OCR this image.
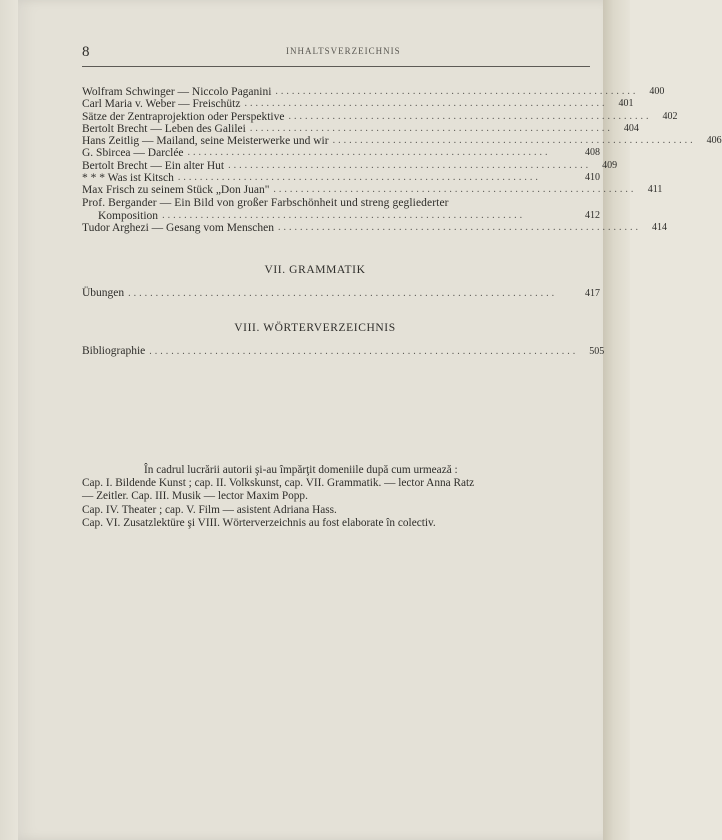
8	INHALTSVERZEICHNIS
Wolfram Schwinger — Niccolo Paganini ..................................................................	400
Carl Maria v. Weber — Freischütz ..................................................................	401
Sätze der Zentraprojektion oder Perspektive ..................................................................	402
Bertolt Brecht — Leben des Galilei ..................................................................	404
Hans Zeitlig — Mailand, seine Meisterwerke und wir ..................................................................	406
G. Sbircea — Darclée ..................................................................	408
Bertolt Brecht — Ein alter Hut ..................................................................	409
* * * Was ist Kitsch ..................................................................	410
Max Frisch zu seinem Stück „Don Juan" ..................................................................	411
Prof. Bergander — Ein Bild von großer Farbschönheit und streng gegliederter
Komposition ..................................................................	412
Tudor Arghezi — Gesang vom Menschen ..................................................................	414
VII. GRAMMATIK
Übungen ..............................................................................	417
VIII. WÖRTERVERZEICHNIS
Bibliographie ..............................................................................	505
În cadrul lucrării autorii şi-au împărţit domeniile după cum urmează :
Cap. I. Bildende Kunst ; cap. II. Volkskunst, cap. VII. Grammatik. — lector Anna Ratz
— Zeitler. Cap. III. Musik — lector Maxim Popp.
Cap. IV. Theater ; cap. V. Film — asistent Adriana Hass.
Cap. VI. Zusatzlektüre şi VIII. Wörterverzeichnis au fost elaborate în colectiv.
